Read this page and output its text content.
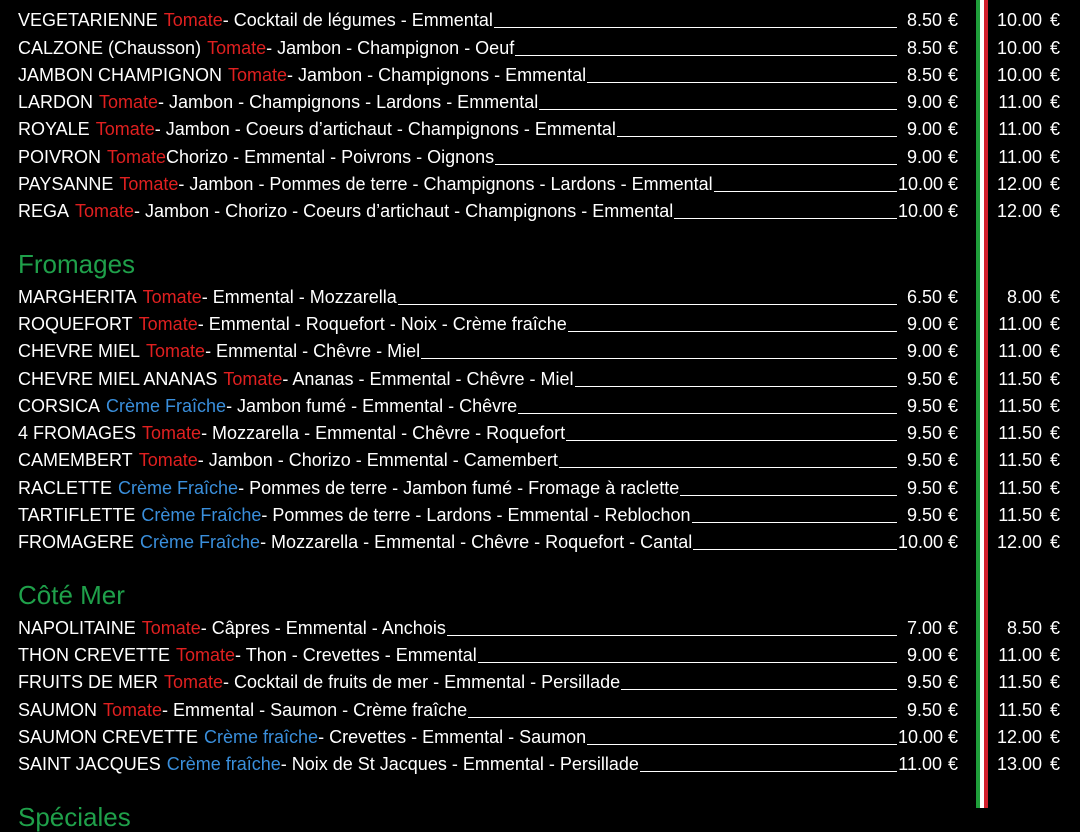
VEGETARIENNE Tomate - Cocktail de légumes - Emmental	8.50 €	10.00 €
CALZONE (Chausson) Tomate - Jambon - Champignon - Oeuf	8.50 €	10.00 €
JAMBON CHAMPIGNON Tomate - Jambon - Champignons - Emmental	8.50 €	10.00 €
LARDON Tomate - Jambon - Champignons - Lardons - Emmental	9.00 €	11.00 €
ROYALE Tomate - Jambon - Coeurs d’artichaut - Champignons - Emmental	9.00 €	11.00 €
POIVRON Tomate Chorizo - Emmental - Poivrons - Oignons	9.00 €	11.00 €
PAYSANNE Tomate - Jambon - Pommes de terre - Champignons - Lardons - Emmental	10.00 €	12.00 €
REGA Tomate - Jambon - Chorizo - Coeurs d’artichaut - Champignons - Emmental	10.00 €	12.00 €
Fromages
MARGHERITA Tomate - Emmental - Mozzarella	6.50 €	8.00 €
ROQUEFORT Tomate - Emmental - Roquefort - Noix - Crème fraîche	9.00 €	11.00 €
CHEVRE MIEL Tomate - Emmental - Chêvre - Miel	9.00 €	11.00 €
CHEVRE MIEL ANANAS Tomate - Ananas - Emmental - Chêvre - Miel	9.50 €	11.50 €
CORSICA Crème Fraîche - Jambon fumé - Emmental - Chêvre	9.50 €	11.50 €
4 FROMAGES Tomate - Mozzarella - Emmental - Chêvre - Roquefort	9.50 €	11.50 €
CAMEMBERT Tomate - Jambon - Chorizo - Emmental - Camembert	9.50 €	11.50 €
RACLETTE Crème Fraîche - Pommes de terre - Jambon fumé - Fromage à raclette	9.50 €	11.50 €
TARTIFLETTE Crème Fraîche - Pommes de terre - Lardons - Emmental - Reblochon	9.50 €	11.50 €
FROMAGERE Crème Fraîche - Mozzarella - Emmental - Chêvre - Roquefort - Cantal	10.00 €	12.00 €
Côté Mer
NAPOLITAINE Tomate - Câpres - Emmental - Anchois	7.00 €	8.50 €
THON CREVETTE Tomate - Thon - Crevettes - Emmental	9.00 €	11.00 €
FRUITS DE MER Tomate - Cocktail de fruits de mer - Emmental - Persillade	9.50 €	11.50 €
SAUMON Tomate - Emmental - Saumon - Crème fraîche	9.50 €	11.50 €
SAUMON CREVETTE Crème fraîche - Crevettes - Emmental - Saumon	10.00 €	12.00 €
SAINT JACQUES Crème fraîche - Noix de St Jacques - Emmental - Persillade	11.00 €	13.00 €
Spéciales
